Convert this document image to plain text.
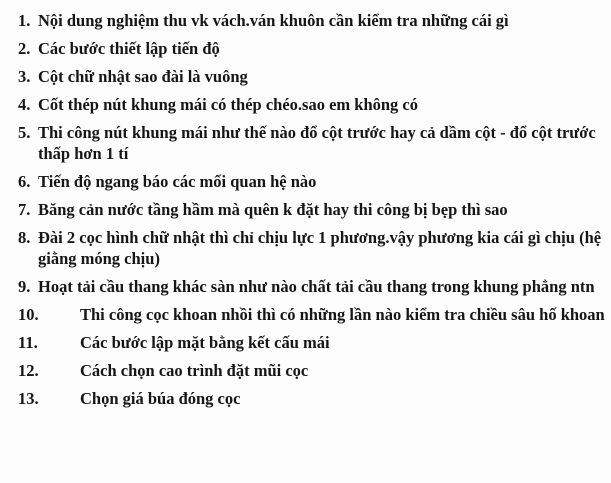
1. Nội dung nghiệm thu vk vách.ván khuôn cần kiểm tra những cái gì
2. Các bước thiết lập tiến độ
3. Cột chữ nhật sao đài là vuông
4. Cốt thép nút khung mái có thép chéo.sao em không có
5. Thi công nút khung mái như thế nào đổ cột trước hay cả dầm cột - đổ cột trước thấp hơn 1 tí
6. Tiến độ ngang báo các mối quan hệ nào
7. Băng cản nước tầng hầm mà quên k đặt hay thi công bị bẹp thì sao
8. Đài 2 cọc hình chữ nhật thì chỉ chịu lực 1 phương.vậy phương kia cái gì chịu (hệ giằng móng chịu)
9. Hoạt tải cầu thang khác sàn như nào chất tải cầu thang trong khung phẳng ntn
10.	Thi công cọc khoan nhồi thì có những lần nào kiểm tra chiều sâu hố khoan
11.	Các bước lập mặt bằng kết cấu mái
12.	Cách chọn cao trình đặt mũi cọc
13.	Chọn giá búa đóng cọc
